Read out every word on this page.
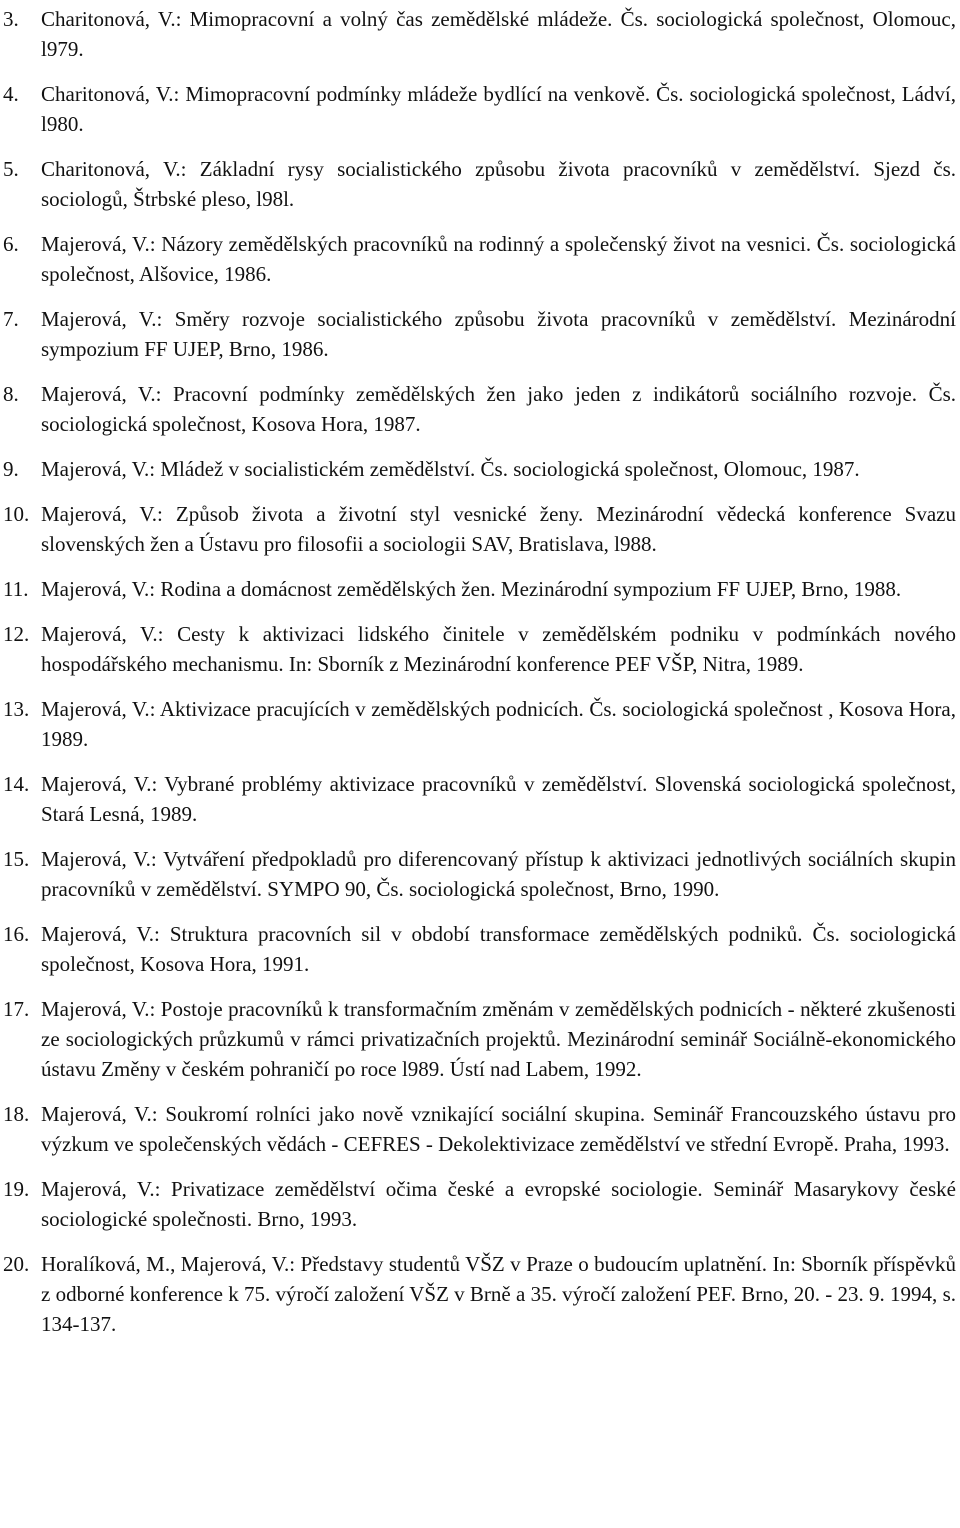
3.	Charitonová, V.: Mimopracovní a volný čas zemědělské mládeže. Čs. sociologická společnost, Olomouc, l979.
4.	Charitonová, V.: Mimopracovní podmínky mládeže bydlící na venkově. Čs. sociologická společnost, Ládví, l980.
5.	Charitonová, V.: Základní rysy socialistického způsobu života pracovníků v zemědělství. Sjezd čs. sociologů, Štrbské pleso, l98l.
6.	Majerová, V.: Názory zemědělských pracovníků na rodinný a společenský život na vesnici. Čs. sociologická společnost, Alšovice, 1986.
7.	Majerová, V.: Směry rozvoje socialistického způsobu života pracovníků v zemědělství. Mezinárodní sympozium FF UJEP, Brno, 1986.
8.	Majerová, V.: Pracovní podmínky zemědělských žen jako jeden z indikátorů sociálního rozvoje. Čs. sociologická společnost, Kosova Hora, 1987.
9.	Majerová, V.: Mládež v socialistickém zemědělství. Čs. sociologická společnost, Olomouc, 1987.
10. Majerová, V.: Způsob života a životní styl vesnické ženy. Mezinárodní vědecká konference Svazu slovenských žen a Ústavu pro filosofii a sociologii SAV, Bratislava, l988.
11. Majerová, V.: Rodina a domácnost zemědělských žen. Mezinárodní sympozium FF UJEP, Brno, 1988.
12. Majerová, V.: Cesty k aktivizaci lidského činitele v zemědělském podniku v podmínkách nového hospodářského mechanismu. In: Sborník z Mezinárodní konference PEF VŠP, Nitra, 1989.
13. Majerová, V.: Aktivizace pracujících v zemědělských podnicích. Čs. sociologická společnost , Kosova Hora, 1989.
14. Majerová, V.: Vybrané problémy aktivizace pracovníků v zemědělství. Slovenská sociologická společnost, Stará Lesná, 1989.
15. Majerová, V.: Vytváření předpokladů pro diferencovaný přístup k aktivizaci jednotlivých sociálních skupin pracovníků v zemědělství. SYMPO 90, Čs. sociologická společnost, Brno, 1990.
16. Majerová, V.: Struktura pracovních sil v období transformace zemědělských podniků. Čs. sociologická společnost, Kosova Hora, 1991.
17. Majerová, V.: Postoje pracovníků k transformačním změnám v zemědělských podnicích - některé zkušenosti ze sociologických průzkumů v rámci privatizačních projektů. Mezinárodní seminář Sociálně-ekonomického ústavu Změny v českém pohraničí po roce l989. Ústí nad Labem, 1992.
18. Majerová, V.: Soukromí rolníci jako nově vznikající sociální skupina. Seminář Francouzského ústavu pro výzkum ve společenských vědách - CEFRES - Dekolektivizace zemědělství ve střední Evropě. Praha, 1993.
19. Majerová, V.: Privatizace zemědělství očima české a evropské sociologie. Seminář Masarykovy české sociologické společnosti. Brno, 1993.
20. Horalíková, M., Majerová, V.: Představy studentů VŠZ v Praze o budoucím uplatnění. In: Sborník příspěvků z odborné konference k 75. výročí založení VŠZ v Brně a 35. výročí založení PEF. Brno, 20. - 23. 9. 1994, s. 134-137.
